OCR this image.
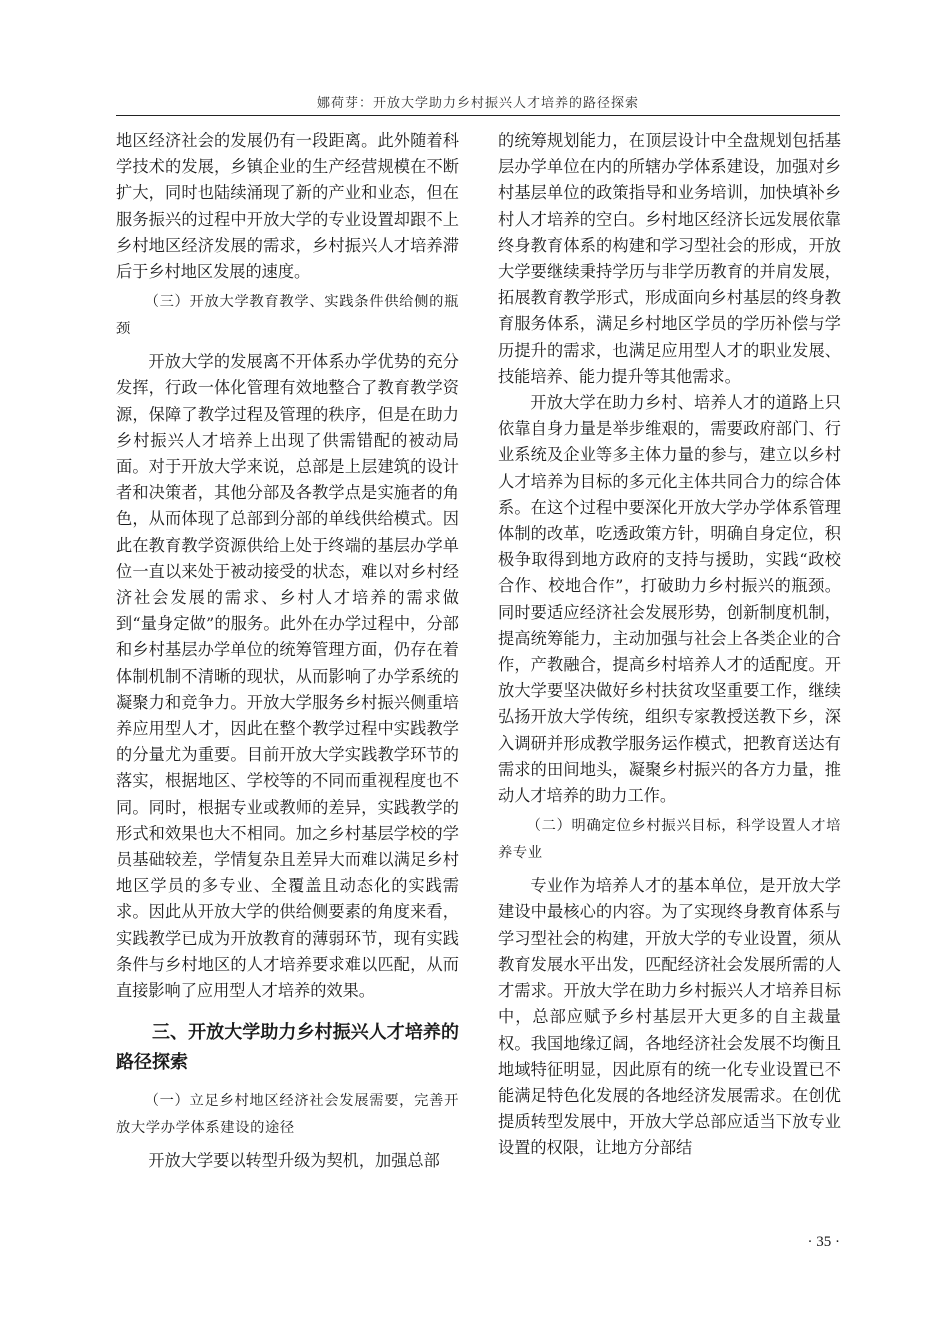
娜荷芽：开放大学助力乡村振兴人才培养的路径探索

地区经济社会的发展仍有一段距离。此外随着科学技术的发展，乡镇企业的生产经营规模在不断扩大，同时也陆续涌现了新的产业和业态，但在服务振兴的过程中开放大学的专业设置却跟不上乡村地区经济发展的需求，乡村振兴人才培养滞后于乡村地区发展的速度。

（三）开放大学教育教学、实践条件供给侧的瓶颈

开放大学的发展离不开体系办学优势的充分发挥，行政一体化管理有效地整合了教育教学资源，保障了教学过程及管理的秩序，但是在助力乡村振兴人才培养上出现了供需错配的被动局面。对于开放大学来说，总部是上层建筑的设计者和决策者，其他分部及各教学点是实施者的角色，从而体现了总部到分部的单线供给模式。因此在教育教学资源供给上处于终端的基层办学单位一直以来处于被动接受的状态，难以对乡村经济社会发展的需求、乡村人才培养的需求做到“量身定做”的服务。此外在办学过程中，分部和乡村基层办学单位的统筹管理方面，仍存在着体制机制不清晰的现状，从而影响了办学系统的凝聚力和竞争力。开放大学服务乡村振兴侧重培养应用型人才，因此在整个教学过程中实践教学的分量尤为重要。目前开放大学实践教学环节的落实，根据地区、学校等的不同而重视程度也不同。同时，根据专业或教师的差异，实践教学的形式和效果也大不相同。加之乡村基层学校的学员基础较差，学情复杂且差异大而难以满足乡村地区学员的多专业、全覆盖且动态化的实践需求。因此从开放大学的供给侧要素的角度来看，实践教学已成为开放教育的薄弱环节，现有实践条件与乡村地区的人才培养要求难以匹配，从而直接影响了应用型人才培养的效果。

三、开放大学助力乡村振兴人才培养的路径探索

（一）立足乡村地区经济社会发展需要，完善开放大学办学体系建设的途径

开放大学要以转型升级为契机，加强总部

的统筹规划能力，在顶层设计中全盘规划包括基层办学单位在内的所辖办学体系建设，加强对乡村基层单位的政策指导和业务培训，加快填补乡村人才培养的空白。乡村地区经济长远发展依靠终身教育体系的构建和学习型社会的形成，开放大学要继续秉持学历与非学历教育的并肩发展，拓展教育教学形式，形成面向乡村基层的终身教育服务体系，满足乡村地区学员的学历补偿与学历提升的需求，也满足应用型人才的职业发展、技能培养、能力提升等其他需求。

开放大学在助力乡村、培养人才的道路上只依靠自身力量是举步维艰的，需要政府部门、行业系统及企业等多主体力量的参与，建立以乡村人才培养为目标的多元化主体共同合力的综合体系。在这个过程中要深化开放大学办学体系管理体制的改革，吃透政策方针，明确自身定位，积极争取得到地方政府的支持与援助，实践“政校合作、校地合作”，打破助力乡村振兴的瓶颈。同时要适应经济社会发展形势，创新制度机制，提高统筹能力，主动加强与社会上各类企业的合作，产教融合，提高乡村培养人才的适配度。开放大学要坚决做好乡村扶贫攻坚重要工作，继续弘扬开放大学传统，组织专家教授送教下乡，深入调研并形成教学服务运作模式，把教育送达有需求的田间地头，凝聚乡村振兴的各方力量，推动人才培养的助力工作。

（二）明确定位乡村振兴目标，科学设置人才培养专业

专业作为培养人才的基本单位，是开放大学建设中最核心的内容。为了实现终身教育体系与学习型社会的构建，开放大学的专业设置，须从教育发展水平出发，匹配经济社会发展所需的人才需求。开放大学在助力乡村振兴人才培养目标中，总部应赋予乡村基层开大更多的自主裁量权。我国地缘辽阔，各地经济社会发展不均衡且地域特征明显，因此原有的统一化专业设置已不能满足特色化发展的各地经济发展需求。在创优提质转型发展中，开放大学总部应适当下放专业设置的权限，让地方分部结

· 35 ·
